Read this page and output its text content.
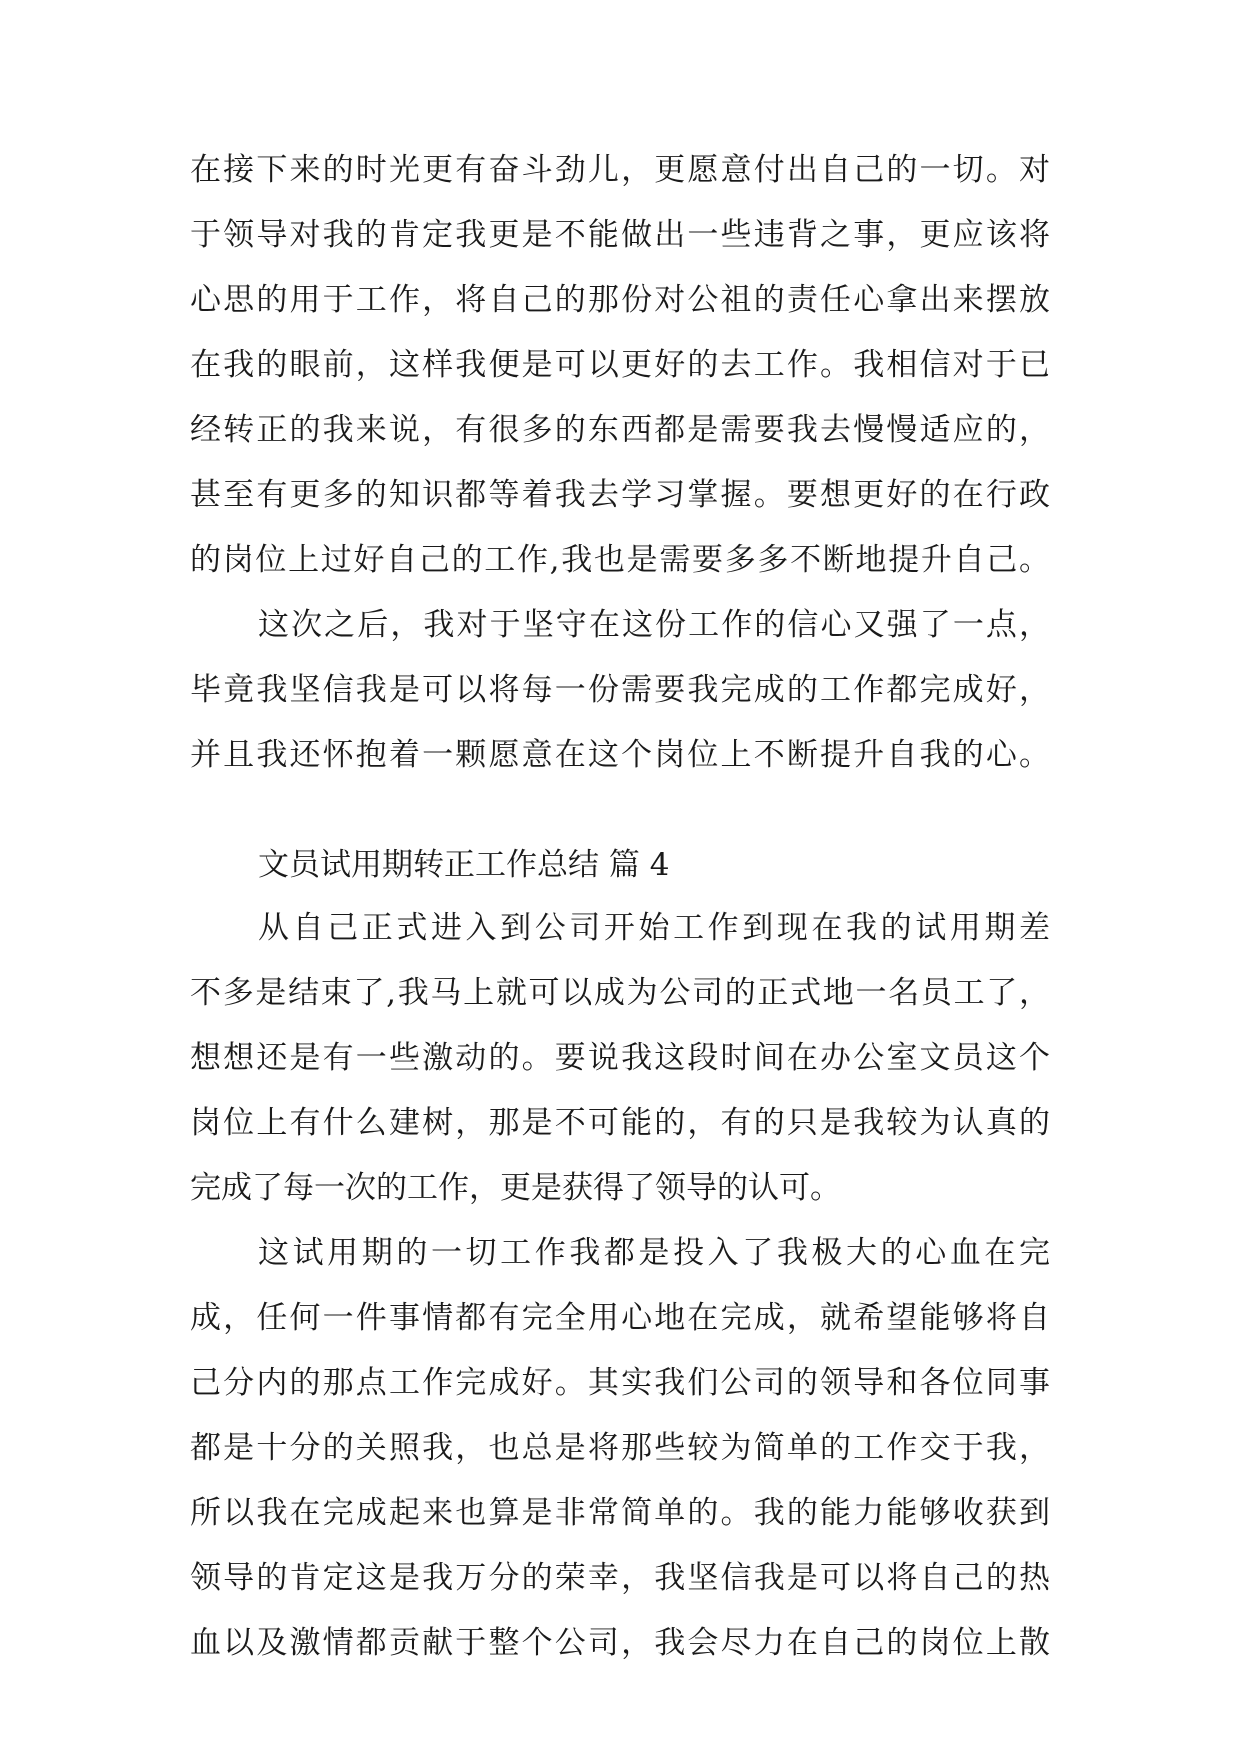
在接下来的时光更有奋斗劲儿，更愿意付出自己的一切。对
于领导对我的肯定我更是不能做出一些违背之事，更应该将
心思的用于工作，将自己的那份对公祖的责任心拿出来摆放
在我的眼前，这样我便是可以更好的去工作。我相信对于已
经转正的我来说，有很多的东西都是需要我去慢慢适应的，
甚至有更多的知识都等着我去学习掌握。要想更好的在行政
的岗位上过好自己的工作,我也是需要多多不断地提升自己。
这次之后，我对于坚守在这份工作的信心又强了一点，
毕竟我坚信我是可以将每一份需要我完成的工作都完成好，
并且我还怀抱着一颗愿意在这个岗位上不断提升自我的心。
文员试用期转正工作总结 篇 4
从自己正式进入到公司开始工作到现在我的试用期差
不多是结束了,我马上就可以成为公司的正式地一名员工了，
想想还是有一些激动的。要说我这段时间在办公室文员这个
岗位上有什么建树，那是不可能的，有的只是我较为认真的
完成了每一次的工作，更是获得了领导的认可。
这试用期的一切工作我都是投入了我极大的心血在完
成，任何一件事情都有完全用心地在完成，就希望能够将自
己分内的那点工作完成好。其实我们公司的领导和各位同事
都是十分的关照我，也总是将那些较为简单的工作交于我，
所以我在完成起来也算是非常简单的。我的能力能够收获到
领导的肯定这是我万分的荣幸，我坚信我是可以将自己的热
血以及激情都贡献于整个公司，我会尽力在自己的岗位上散
